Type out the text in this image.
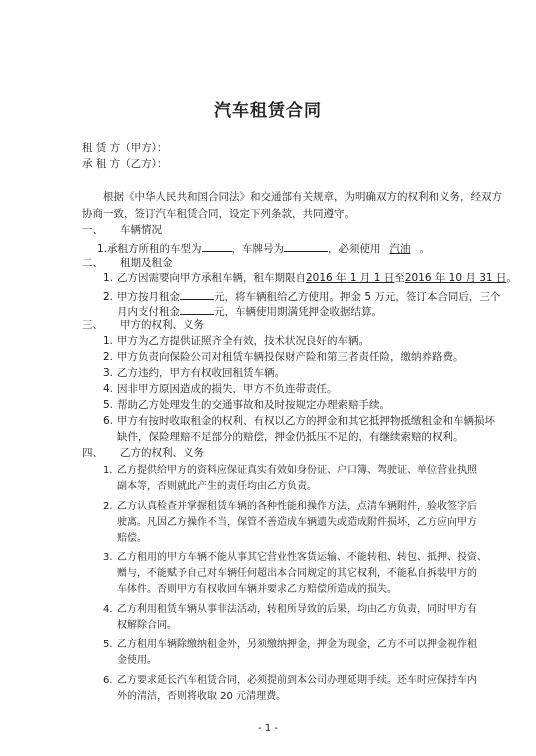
汽车租赁合同
租 赁 方（甲方）：
承 租 方（乙方）：
根据《中华人民共和国合同法》和交通部有关规章，为明确双方的权利和义务，经双方
协商一致，签订汽车租赁合同，设定下列条款，共同遵守。
一、 车辆情况
1.承租方所租的车型为	，车牌号为	，必须使用 汽油 。
二、 租期及租金
1. 乙方因需要向甲方承租车辆，租车期限自2016 年 1 月 1 日至2016 年 10 月 31 日。
2. 甲方按月租金	元，将车辆租给乙方使用。押金 5 万元，签订本合同后，三个
月内支付租金	元，车辆使用期满凭押金收据结算。
三、 甲方的权利、义务
1. 甲方为乙方提供证照齐全有效，技术状况良好的车辆。
2. 甲方负责向保险公司对租赁车辆投保财产险和第三者责任险，缴纳养路费。
3. 乙方违约，甲方有权收回租赁车辆。
4. 因非甲方原因造成的损失，甲方不负连带责任。
5. 帮助乙方处理发生的交通事故和及时按规定办理索赔手续。
6. 甲方有按时收取租金的权利、有权以乙方的押金和其它抵押物抵缴租金和车辆损坏
缺件，保险理赔不足部分的赔偿，押金仍抵压不足的，有继续索赔的权利。
四、 乙方的权利、义务
1. 乙方提供给甲方的资料应保证真实有效如身份证、户口簿、驾驶证、单位营业执照
副本等，否则就此产生的责任均由乙方负责。
2. 乙方认真检查并掌握租赁车辆的各种性能和操作方法，点清车辆附件，验收签字后
驶离。凡因乙方操作不当，保管不善造成车辆遗失或造成附件损坏，乙方应向甲方
赔偿。
3. 乙方租用的甲方车辆不能从事其它营业性客货运输、不能转租、转包、抵押、投资、
赠与，不能赋予自己对车辆任何超出本合同规定的其它权利，不能私自拆装甲方的
车体件。否则甲方有权收回车辆并要求乙方赔偿所造成的损失。
4. 乙方利用租赁车辆从事非法活动，转租所导致的后果，均由乙方负责，同时甲方有
权解除合同。
5. 乙方租用车辆除缴纳租金外，另须缴纳押金，押金为现金，乙方不可以押金视作租
金使用。
6. 乙方要求延长汽车租赁合同，必须提前到本公司办理延期手续。还车时应保持车内
外的清洁，否则将收取 20 元清理费。
- 1 -
